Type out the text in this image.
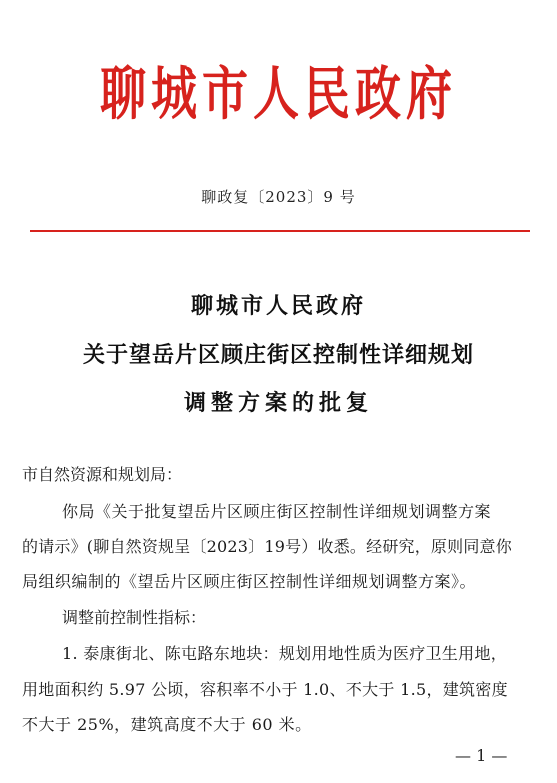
聊城市人民政府
聊政复〔2023〕9 号
聊城市人民政府
关于望岳片区顾庄街区控制性详细规划
调整方案的批复
市自然资源和规划局：
你局《关于批复望岳片区顾庄街区控制性详细规划调整方案
的请示》(聊自然资规呈〔2023〕19号）收悉。经研究，原则同意你
局组织编制的《望岳片区顾庄街区控制性详细规划调整方案》。
调整前控制性指标：
1. 泰康街北、陈屯路东地块：规划用地性质为医疗卫生用地，
用地面积约 5.97 公顷，容积率不小于 1.0、不大于 1.5，建筑密度
不大于 25%，建筑高度不大于 60 米。
— 1 —
